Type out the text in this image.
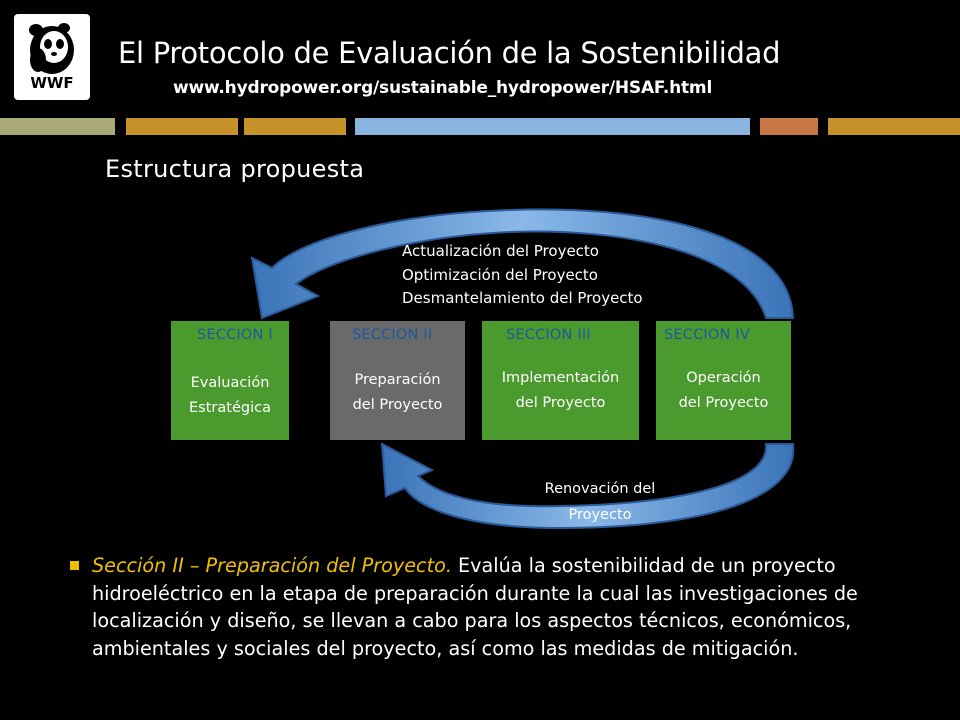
WWF
El Protocolo de Evaluación de la Sostenibilidad
www.hydropower.org/sustainable_hydropower/HSAF.html
Estructura propuesta
Actualización del Proyecto
Optimización del Proyecto
Desmantelamiento del Proyecto
Evaluación
Estratégica
Preparación
del Proyecto
Implementación
del Proyecto
Operación
del Proyecto
SECCION I	SECCION II	SECCION III	SECCION IV
Renovación del
Proyecto
Sección II – Preparación del Proyecto. Evalúa la sostenibilidad de un proyecto hidroeléctrico en la etapa de preparación durante la cual las investigaciones de localización y diseño, se llevan a cabo para los aspectos técnicos, económicos, ambientales y sociales del proyecto, así como las medidas de mitigación.
